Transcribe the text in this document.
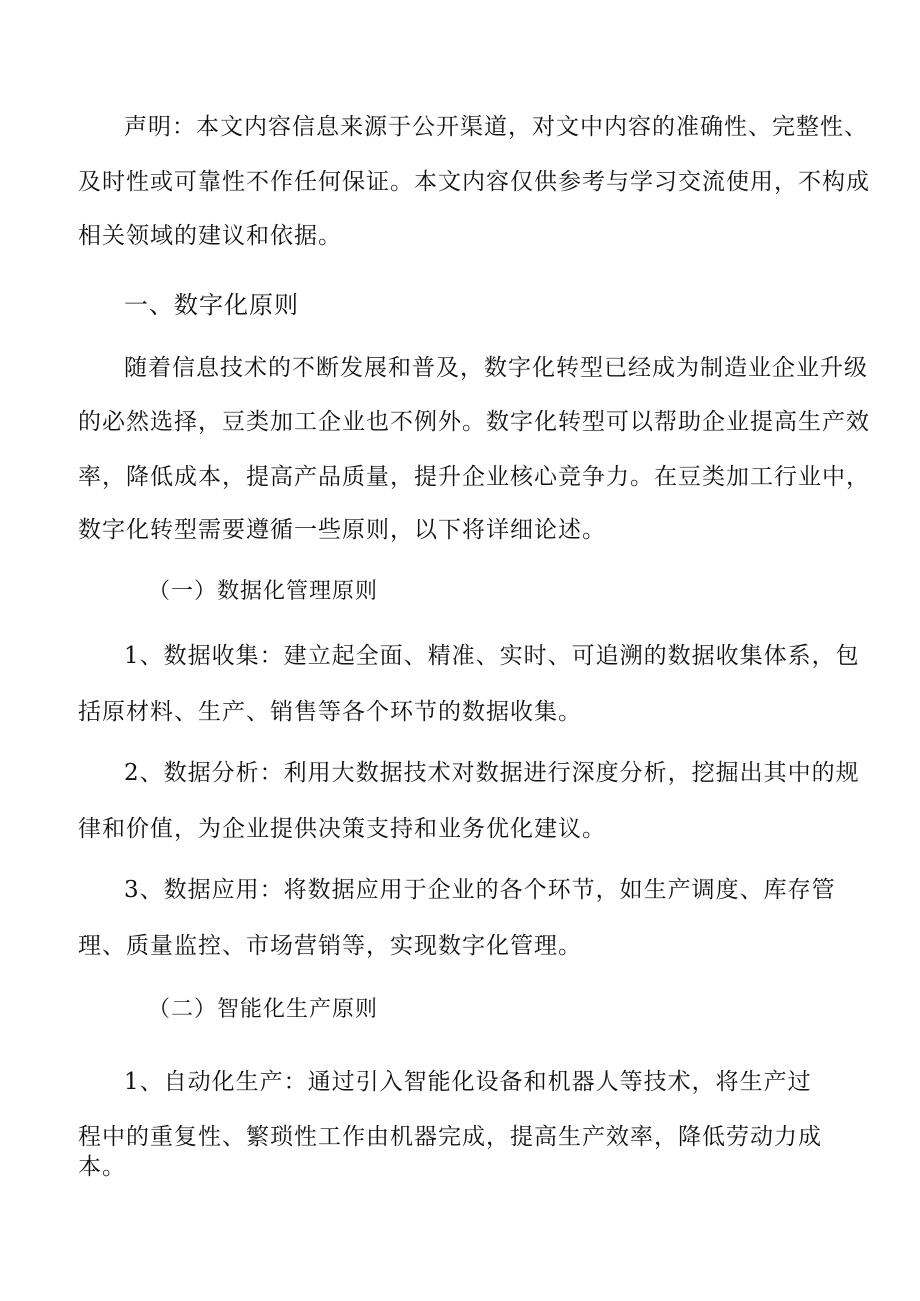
声明：本文内容信息来源于公开渠道，对文中内容的准确性、完整性、
及时性或可靠性不作任何保证。本文内容仅供参考与学习交流使用，不构成
相关领域的建议和依据。
一、数字化原则
随着信息技术的不断发展和普及，数字化转型已经成为制造业企业升级
的必然选择，豆类加工企业也不例外。数字化转型可以帮助企业提高生产效
率，降低成本，提高产品质量，提升企业核心竞争力。在豆类加工行业中，
数字化转型需要遵循一些原则，以下将详细论述。
（一）数据化管理原则
1、数据收集：建立起全面、精准、实时、可追溯的数据收集体系，包
括原材料、生产、销售等各个环节的数据收集。
2、数据分析：利用大数据技术对数据进行深度分析，挖掘出其中的规
律和价值，为企业提供决策支持和业务优化建议。
3、数据应用：将数据应用于企业的各个环节，如生产调度、库存管
理、质量监控、市场营销等，实现数字化管理。
（二）智能化生产原则
1、自动化生产：通过引入智能化设备和机器人等技术，将生产过
程中的重复性、繁琐性工作由机器完成，提高生产效率，降低劳动力成
本。
